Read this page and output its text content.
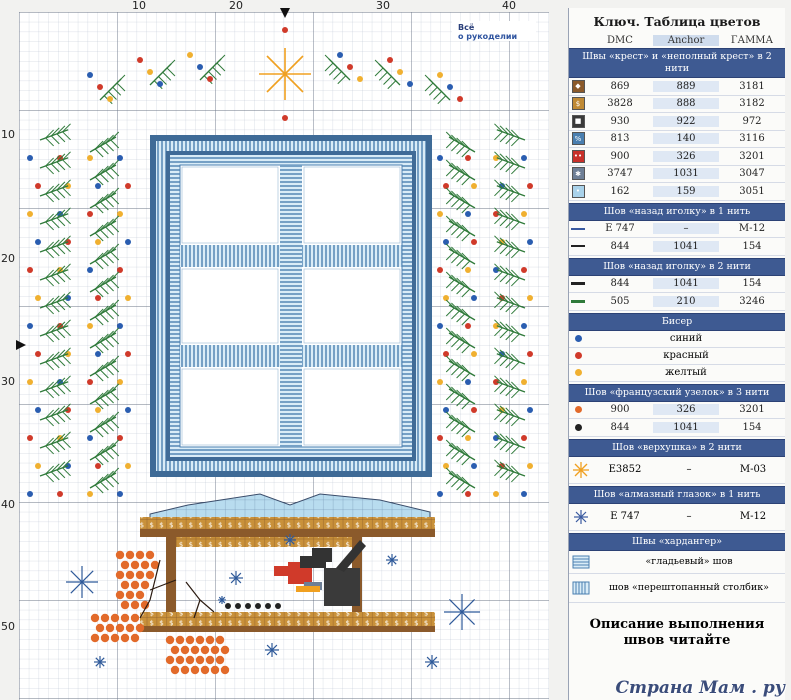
10	20	30	40
10
20
30
40
50
Всё
о рукоделии
Ключ. Таблица цветов
DMC	Anchor	ГАММА
Швы «крест» и «неполный крест» в 2 нити
◆	869	889	3181
$	3828	888	3182
■	930	922	972
%	813	140	3116
••	900	326	3201
✱	3747	1031	3047
•	162	159	3051
Шов «назад иголку» в 1 нить
E 747	–	M-12
844	1041	154
Шов «назад иголку» в 2 нити
844	1041	154
505	210	3246
Бисер
синий
красный
желтый
Шов «французский узелок» в 3 нити
900	326	3201
844	1041	154
Шов «верхушка» в 2 нити
E3852	–	M-03
Шов «алмазный глазок» в 1 нить
E 747	–	M-12
Швы «хардангер»
«гладьевый» шов
шов «перештопанный столбик»
Описание выполнения
швов читайте
Страна Мам . ру
